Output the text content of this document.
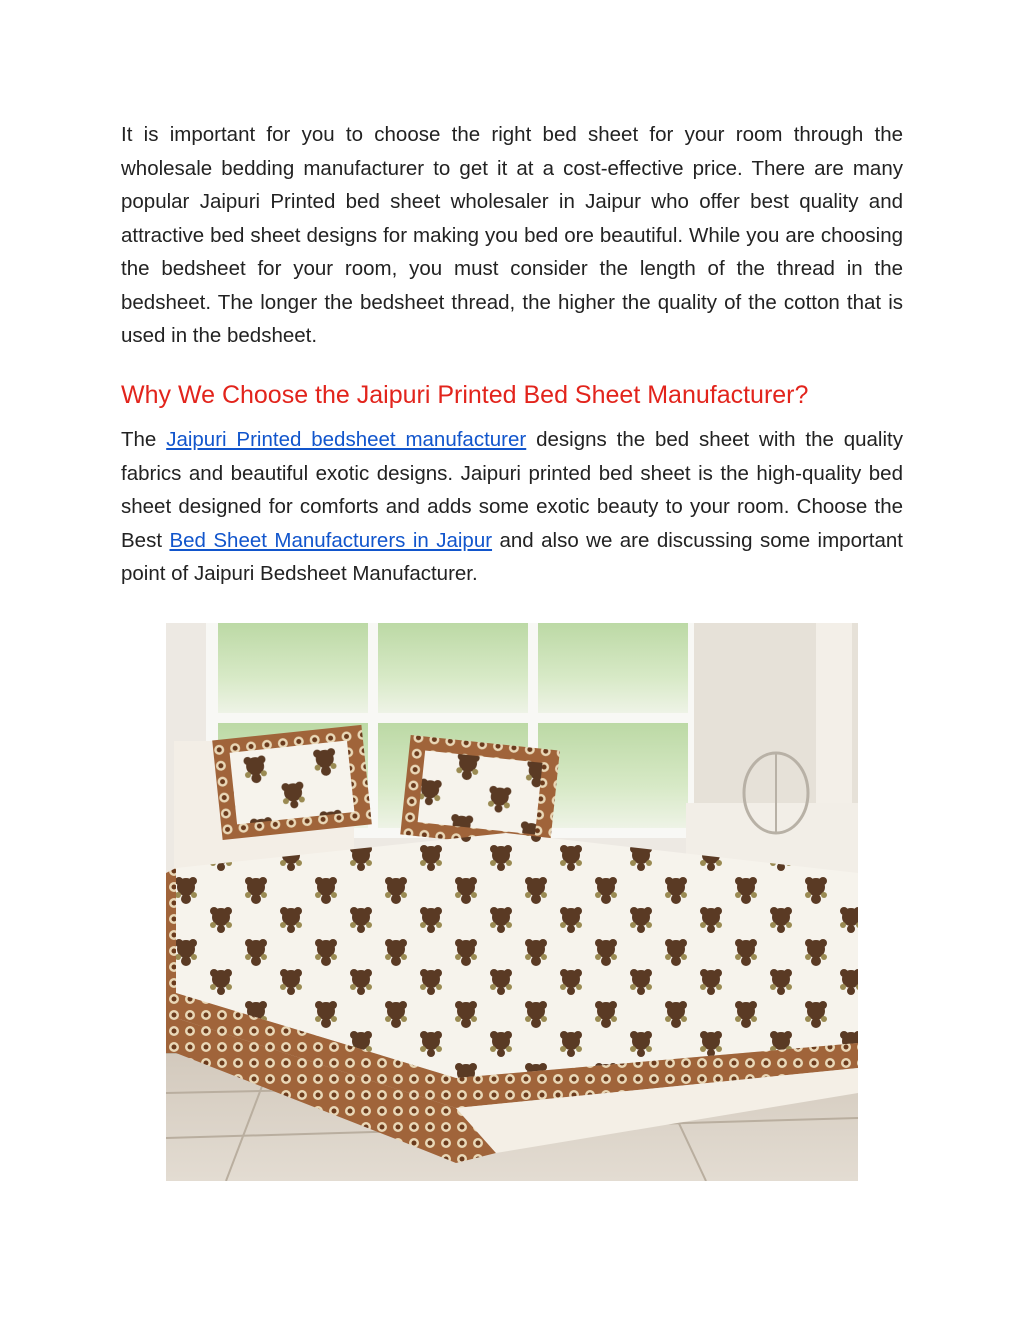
It is important for you to choose the right bed sheet for your room through the wholesale bedding manufacturer to get it at a cost-effective price. There are many popular Jaipuri Printed bed sheet wholesaler in Jaipur who offer best quality and attractive bed sheet designs for making you bed ore beautiful. While you are choosing the bedsheet for your room, you must consider the length of the thread in the bedsheet. The longer the bedsheet thread, the higher the quality of the cotton that is used in the bedsheet.

Why We Choose the Jaipuri Printed Bed Sheet Manufacturer?

The Jaipuri Printed bedsheet manufacturer designs the bed sheet with the quality fabrics and beautiful exotic designs. Jaipuri printed bed sheet is the high-quality bed sheet designed for comforts and adds some exotic beauty to your room. Choose the Best Bed Sheet Manufacturers in Jaipur and also we are discussing some important point of Jaipuri Bedsheet Manufacturer.
